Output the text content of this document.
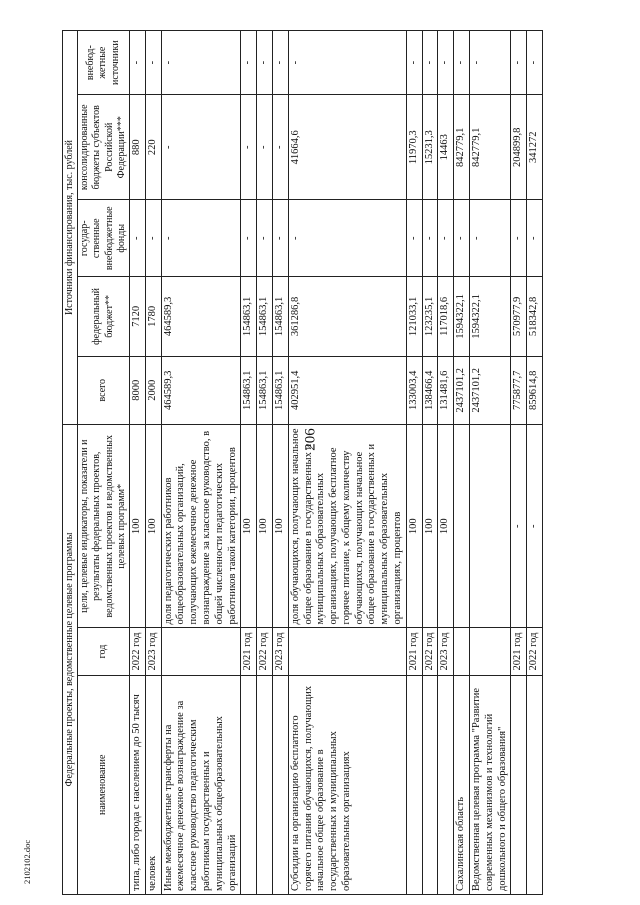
206
2102102.doc
Федеральные проекты, ведомственные целевые программы			Источники финансирования, тыс. рублей				
наименование	год	цели, целевые индикаторы, показатели и результаты федеральных проектов, ведомственных проектов и ведомственных целевых программ*	всего	федеральный бюджет**	государ-ственные внебюджетные фонды	консолидированные бюджеты субъектов Российской Федерации***	внебюд-жетные источники
типа, либо города с населением до 50 тысяч	2022 год	100	8000	7120	-	880	-
человек	2023 год	100	2000	1780	-	220	-
Иные межбюджетные трансферты на ежемесячное денежное вознаграждение за классное руководство педагогическим работникам государственных и муниципальных общеобразовательных организаций		доля педагогических работников общеобразовательных организаций, получающих ежемесячное денежное вознаграждение за классное руководство, в общей численности педагогических работников такой категории, процентов	464589,3	464589,3	-	-	-
	2021 год	100	154863,1	154863,1	-	-	-
	2022 год	100	154863,1	154863,1	-	-	-
	2023 год	100	154863,1	154863,1	-	-	-
Субсидии на организацию бесплатного горячего питания обучающихся, получающих начальное общее образование в государственных и муниципальных образовательных организациях		доля обучающихся, получающих начальное общее образование в государственных и муниципальных образовательных организациях, получающих бесплатное горячее питание, к общему количеству обучающихся, получающих начальное общее образование в государственных и муниципальных образовательных организациях, процентов	402951,4	361286,8	-	41664,6	-
	2021 год	100	133003,4	121033,1	-	11970,3	-
	2022 год	100	138466,4	123235,1	-	15231,3	-
	2023 год	100	131481,6	117018,6	-	14463	-
Сахалинская область			2437101,2	1594322,1	-	842779,1	-
Ведомственная целевая программа "Развитие современных механизмов и технологий дошкольного и общего образования"			2437101,2	1594322,1	-	842779,1	-
	2021 год	-	775877,7	570977,9	-	204899,8	-
	2022 год	-	859614,8	518342,8	-	341272	-
